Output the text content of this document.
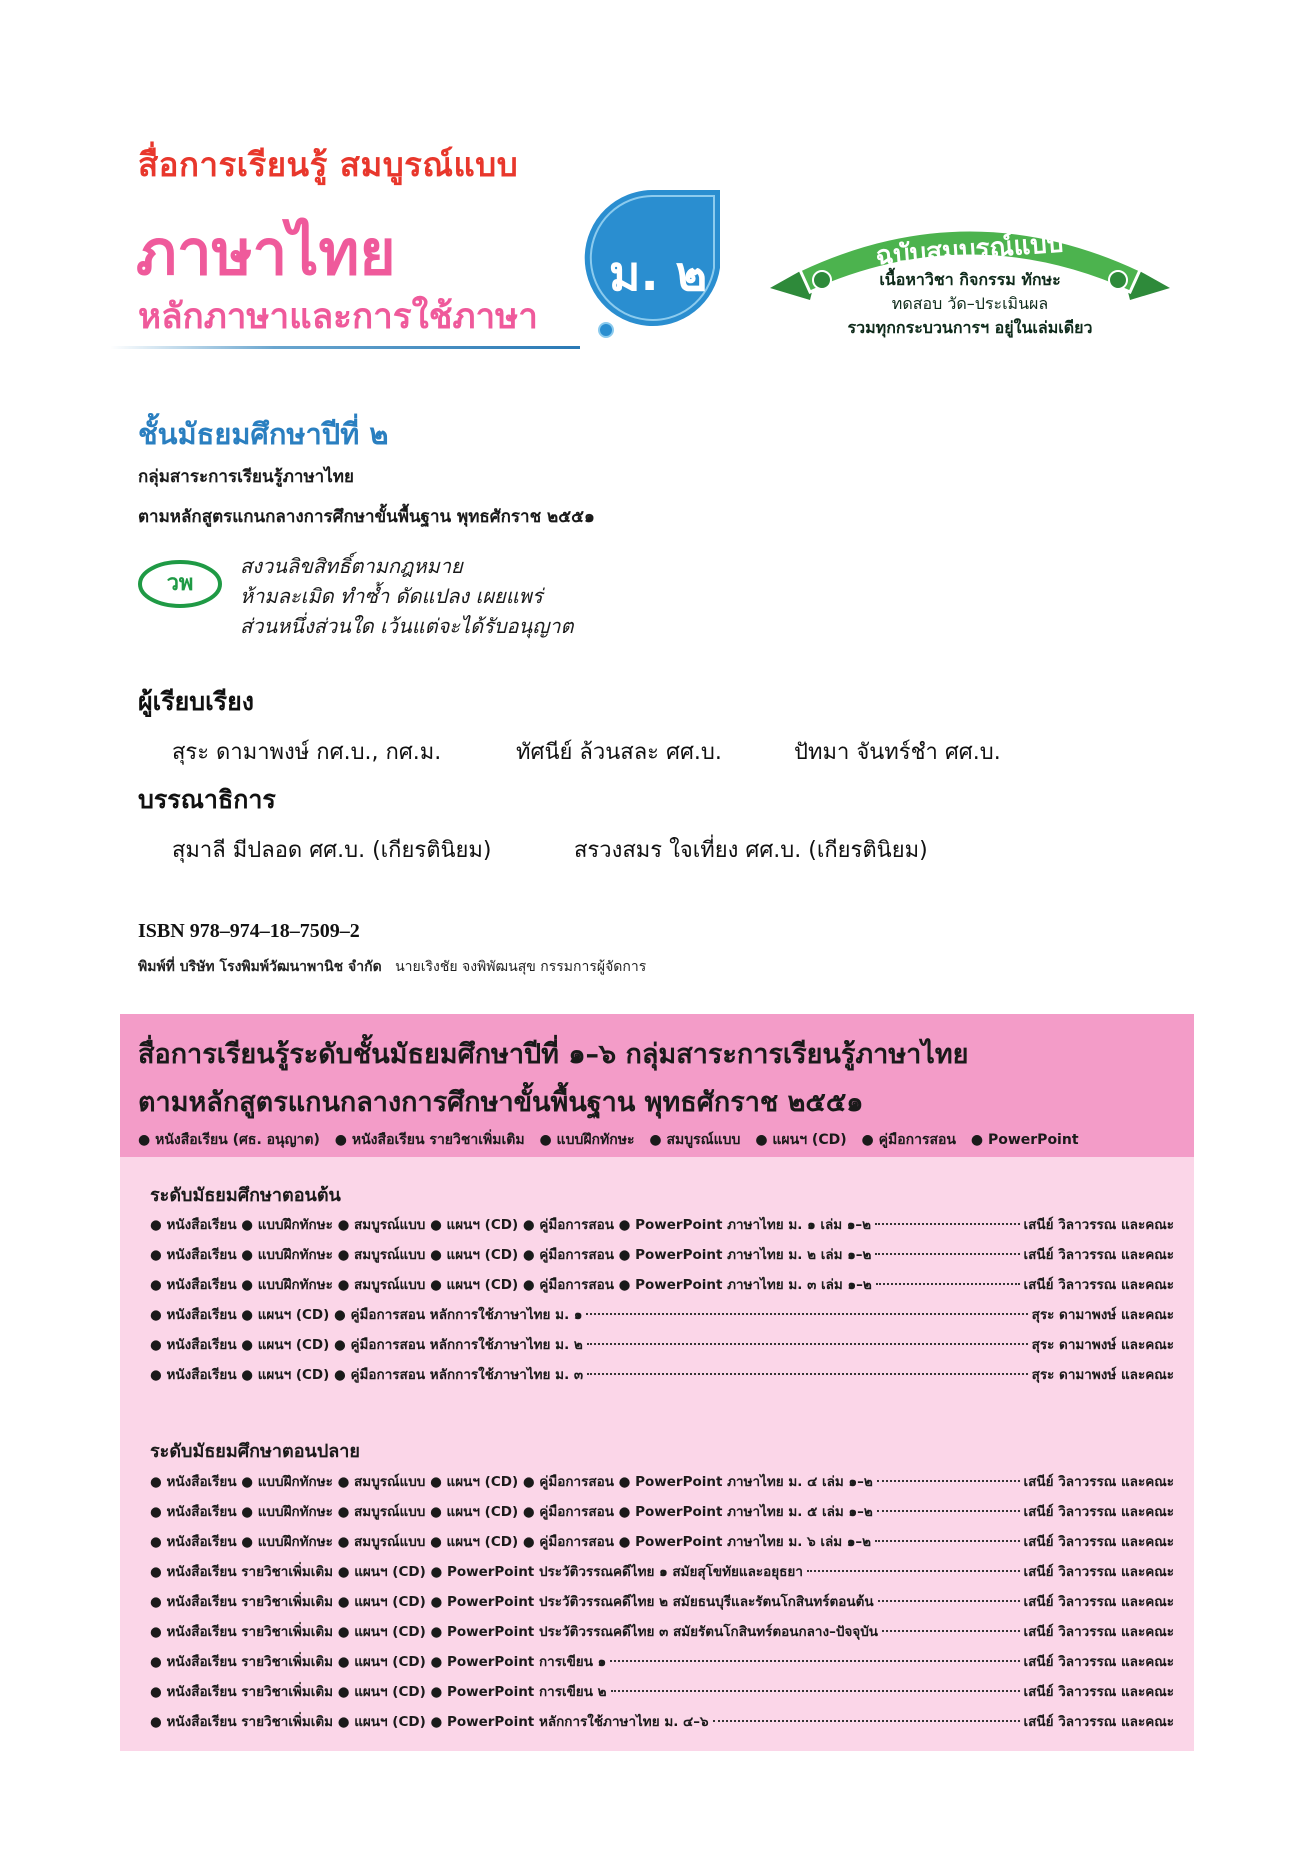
สื่อการเรียนรู้ สมบูรณ์แบบ
ภาษาไทย
หลักภาษาและการใช้ภาษา
ม. ๒	ฉบับสมบูรณ์แบบ
เนื้อหาวิชา กิจกรรม ทักษะ
ทดสอบ วัด–ประเมินผล
รวมทุกกระบวนการฯ อยู่ในเล่มเดียว
ชั้นมัธยมศึกษาปีที่ ๒
กลุ่มสาระการเรียนรู้ภาษาไทย
ตามหลักสูตรแกนกลางการศึกษาขั้นพื้นฐาน พุทธศักราช ๒๕๕๑
วพ
สงวนลิขสิทธิ์ตามกฎหมาย
ห้ามละเมิด ทำซ้ำ ดัดแปลง เผยแพร่
ส่วนหนึ่งส่วนใด เว้นแต่จะได้รับอนุญาต
ผู้เรียบเรียง
สุระ ดามาพงษ์ กศ.บ., กศ.ม.	ทัศนีย์ ล้วนสละ ศศ.บ.	ปัทมา จันทร์ชำ ศศ.บ.
บรรณาธิการ
สุมาลี มีปลอด ศศ.บ. (เกียรตินิยม)	สรวงสมร ใจเที่ยง ศศ.บ. (เกียรตินิยม)
ISBN 978–974–18–7509–2
พิมพ์ที่ บริษัท โรงพิมพ์วัฒนาพานิช จำกัด นายเริงชัย จงพิพัฒนสุข กรรมการผู้จัดการ
สื่อการเรียนรู้ระดับชั้นมัธยมศึกษาปีที่ ๑–๖ กลุ่มสาระการเรียนรู้ภาษาไทย
ตามหลักสูตรแกนกลางการศึกษาขั้นพื้นฐาน พุทธศักราช ๒๕๕๑
● หนังสือเรียน (ศธ. อนุญาต) ● หนังสือเรียน รายวิชาเพิ่มเติม ● แบบฝึกทักษะ ● สมบูรณ์แบบ ● แผนฯ (CD) ● คู่มือการสอน ● PowerPoint
ระดับมัธยมศึกษาตอนต้น
● หนังสือเรียน ● แบบฝึกทักษะ ● สมบูรณ์แบบ ● แผนฯ (CD) ● คู่มือการสอน ● PowerPoint ภาษาไทย ม. ๑ เล่ม ๑–๒	เสนีย์ วิลาวรรณ และคณะ
● หนังสือเรียน ● แบบฝึกทักษะ ● สมบูรณ์แบบ ● แผนฯ (CD) ● คู่มือการสอน ● PowerPoint ภาษาไทย ม. ๒ เล่ม ๑–๒	เสนีย์ วิลาวรรณ และคณะ
● หนังสือเรียน ● แบบฝึกทักษะ ● สมบูรณ์แบบ ● แผนฯ (CD) ● คู่มือการสอน ● PowerPoint ภาษาไทย ม. ๓ เล่ม ๑–๒	เสนีย์ วิลาวรรณ และคณะ
● หนังสือเรียน ● แผนฯ (CD) ● คู่มือการสอน หลักการใช้ภาษาไทย ม. ๑	สุระ ดามาพงษ์ และคณะ
● หนังสือเรียน ● แผนฯ (CD) ● คู่มือการสอน หลักการใช้ภาษาไทย ม. ๒	สุระ ดามาพงษ์ และคณะ
● หนังสือเรียน ● แผนฯ (CD) ● คู่มือการสอน หลักการใช้ภาษาไทย ม. ๓	สุระ ดามาพงษ์ และคณะ
ระดับมัธยมศึกษาตอนปลาย
● หนังสือเรียน ● แบบฝึกทักษะ ● สมบูรณ์แบบ ● แผนฯ (CD) ● คู่มือการสอน ● PowerPoint ภาษาไทย ม. ๔ เล่ม ๑–๒	เสนีย์ วิลาวรรณ และคณะ
● หนังสือเรียน ● แบบฝึกทักษะ ● สมบูรณ์แบบ ● แผนฯ (CD) ● คู่มือการสอน ● PowerPoint ภาษาไทย ม. ๕ เล่ม ๑–๒	เสนีย์ วิลาวรรณ และคณะ
● หนังสือเรียน ● แบบฝึกทักษะ ● สมบูรณ์แบบ ● แผนฯ (CD) ● คู่มือการสอน ● PowerPoint ภาษาไทย ม. ๖ เล่ม ๑–๒	เสนีย์ วิลาวรรณ และคณะ
● หนังสือเรียน รายวิชาเพิ่มเติม ● แผนฯ (CD) ● PowerPoint ประวัติวรรณคดีไทย ๑ สมัยสุโขทัยและอยุธยา	เสนีย์ วิลาวรรณ และคณะ
● หนังสือเรียน รายวิชาเพิ่มเติม ● แผนฯ (CD) ● PowerPoint ประวัติวรรณคดีไทย ๒ สมัยธนบุรีและรัตนโกสินทร์ตอนต้น	เสนีย์ วิลาวรรณ และคณะ
● หนังสือเรียน รายวิชาเพิ่มเติม ● แผนฯ (CD) ● PowerPoint ประวัติวรรณคดีไทย ๓ สมัยรัตนโกสินทร์ตอนกลาง–ปัจจุบัน	เสนีย์ วิลาวรรณ และคณะ
● หนังสือเรียน รายวิชาเพิ่มเติม ● แผนฯ (CD) ● PowerPoint การเขียน ๑	เสนีย์ วิลาวรรณ และคณะ
● หนังสือเรียน รายวิชาเพิ่มเติม ● แผนฯ (CD) ● PowerPoint การเขียน ๒	เสนีย์ วิลาวรรณ และคณะ
● หนังสือเรียน รายวิชาเพิ่มเติม ● แผนฯ (CD) ● PowerPoint หลักการใช้ภาษาไทย ม. ๔–๖	เสนีย์ วิลาวรรณ และคณะ
